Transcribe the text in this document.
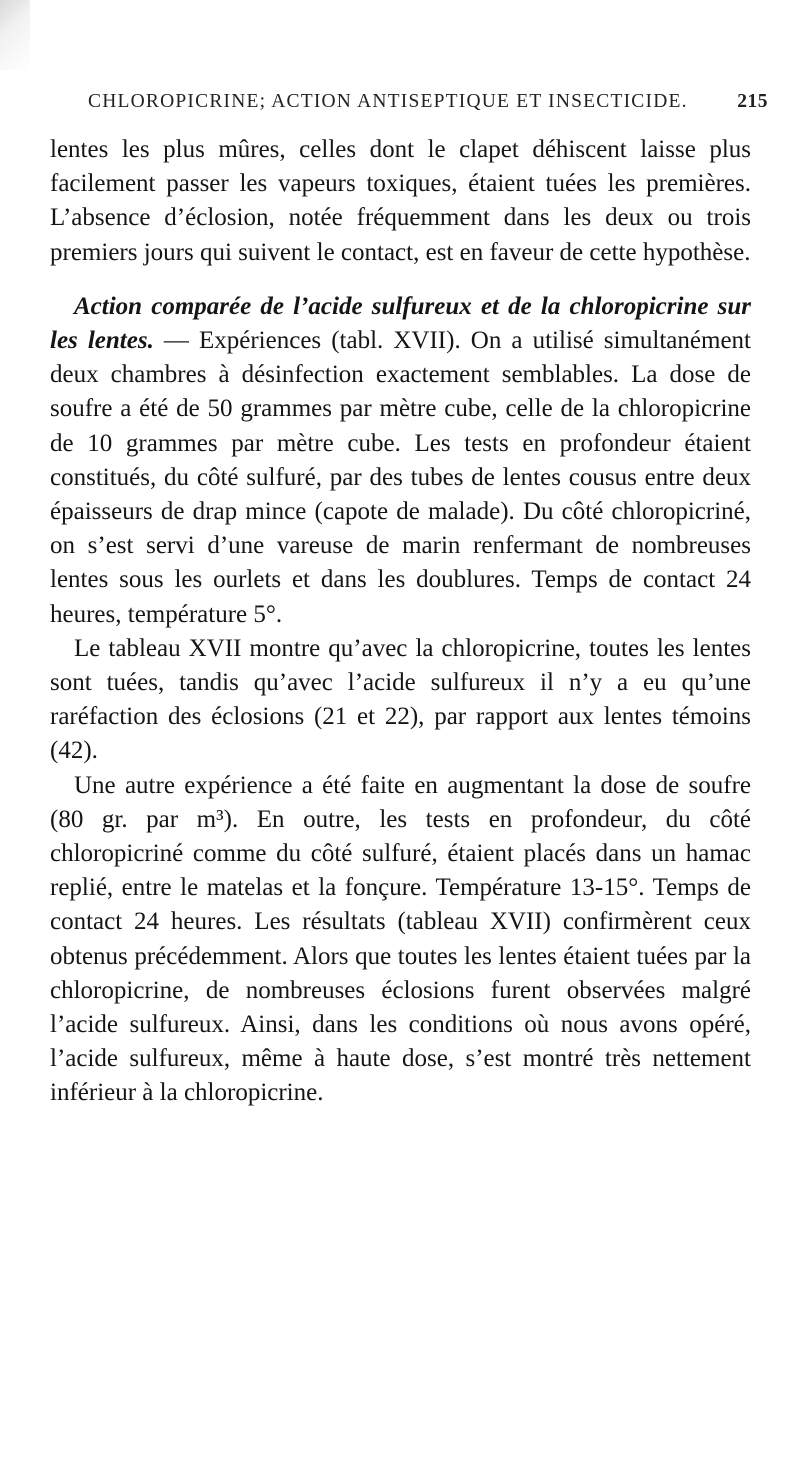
CHLOROPICRINE; ACTION ANTISEPTIQUE ET INSECTICIDE.	215

lentes les plus mûres, celles dont le clapet déhiscent laisse plus facilement passer les vapeurs toxiques, étaient tuées les premières. L’absence d’éclosion, notée fréquemment dans les deux ou trois premiers jours qui suivent le contact, est en faveur de cette hypothèse.

Action comparée de l’acide sulfureux et de la chloropicrine sur les lentes. — Expériences (tabl. XVII). On a utilisé simultanément deux chambres à désinfection exactement semblables. La dose de soufre a été de 50 grammes par mètre cube, celle de la chloropicrine de 10 grammes par mètre cube. Les tests en profondeur étaient constitués, du côté sulfuré, par des tubes de lentes cousus entre deux épaisseurs de drap mince (capote de malade). Du côté chloropicriné, on s’est servi d’une vareuse de marin renfermant de nombreuses lentes sous les ourlets et dans les doublures. Temps de contact 24 heures, température 5°.

Le tableau XVII montre qu’avec la chloropicrine, toutes les lentes sont tuées, tandis qu’avec l’acide sulfureux il n’y a eu qu’une raréfaction des éclosions (21 et 22), par rapport aux lentes témoins (42).

Une autre expérience a été faite en augmentant la dose de soufre (80 gr. par m³). En outre, les tests en profondeur, du côté chloropicriné comme du côté sulfuré, étaient placés dans un hamac replié, entre le matelas et la fonçure. Température 13-15°. Temps de contact 24 heures. Les résultats (tableau XVII) confirmèrent ceux obtenus précédemment. Alors que toutes les lentes étaient tuées par la chloropicrine, de nombreuses éclosions furent observées malgré l’acide sulfureux. Ainsi, dans les conditions où nous avons opéré, l’acide sulfureux, même à haute dose, s’est montré très nettement inférieur à la chloropicrine.
